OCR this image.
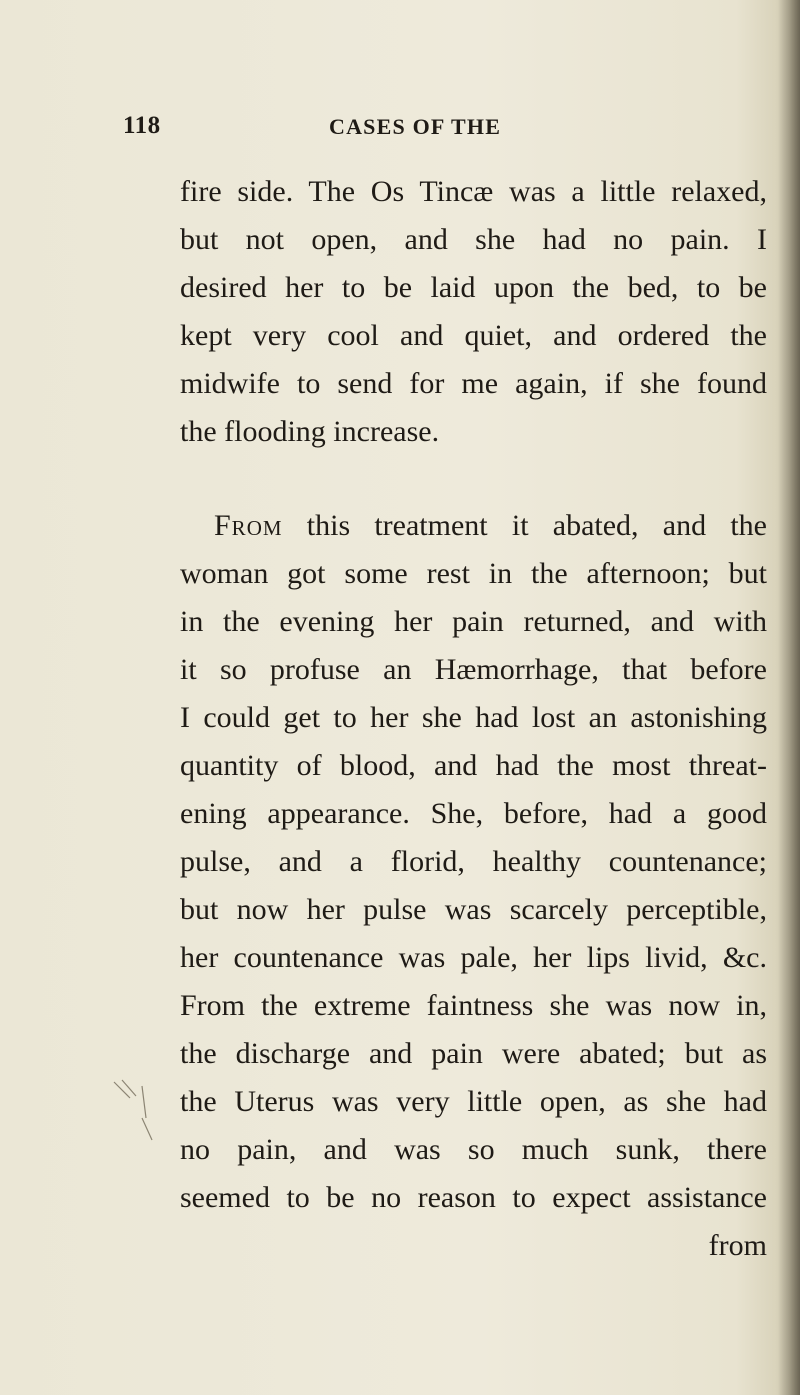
118	CASES OF THE
fire side. The Os Tincæ was a little relaxed,
but not open, and she had no pain. I
desired her to be laid upon the bed, to be
kept very cool and quiet, and ordered the
midwife to send for me again, if she found
the flooding increase.
From this treatment it abated, and the
woman got some rest in the afternoon; but
in the evening her pain returned, and with
it so profuse an Hæmorrhage, that before
I could get to her she had lost an astonishing
quantity of blood, and had the most threat-
ening appearance. She, before, had a good
pulse, and a florid, healthy countenance;
but now her pulse was scarcely perceptible,
her countenance was pale, her lips livid, &c.
From the extreme faintness she was now in,
the discharge and pain were abated; but as
the Uterus was very little open, as she had
no pain, and was so much sunk, there
seemed to be no reason to expect assistance
from
